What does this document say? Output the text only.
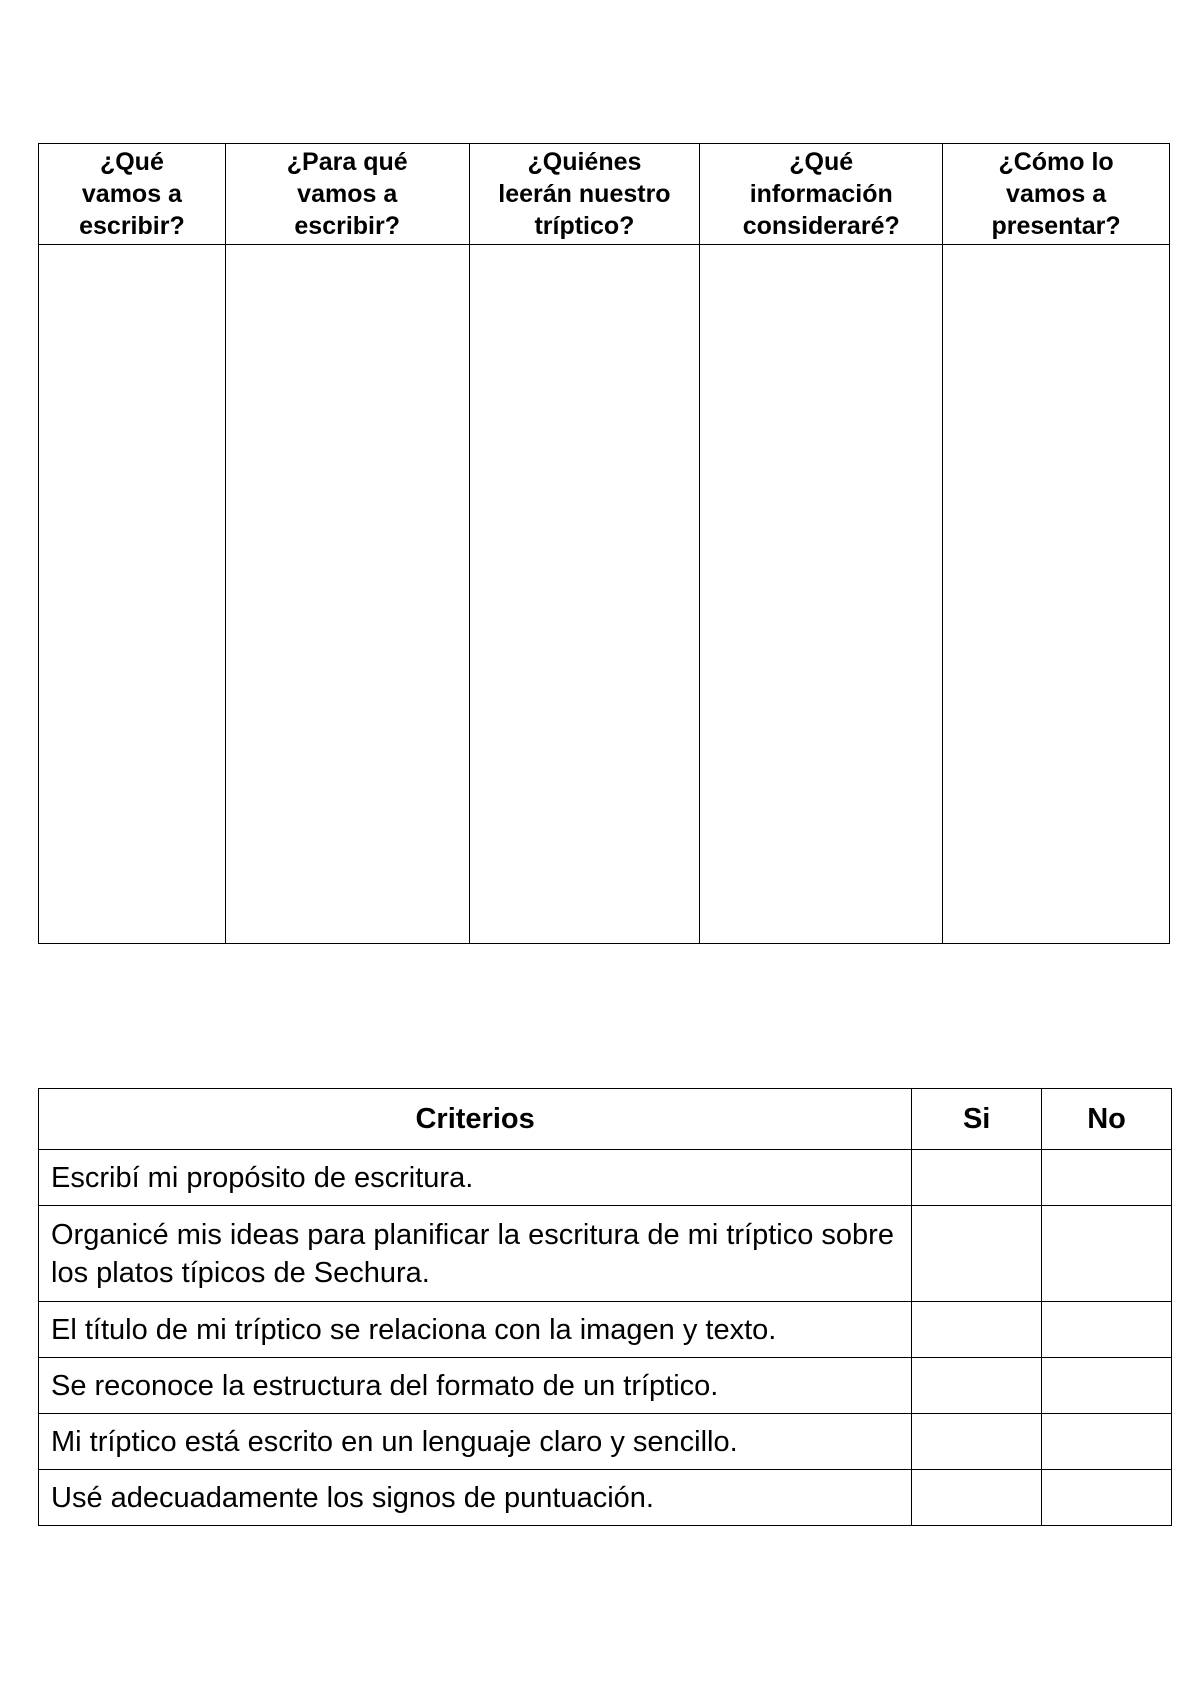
¿Qué
vamos a
escribir?	¿Para qué
vamos a
escribir?	¿Quiénes
leerán nuestro
tríptico?	¿Qué
información
consideraré?	¿Cómo lo
vamos a
presentar?

Criterios	Si	No
Escribí mi propósito de escritura.		
Organicé mis ideas para planificar la escritura de mi tríptico sobre los platos típicos de Sechura.		
El título de mi tríptico se relaciona con la imagen y texto.		
Se reconoce la estructura del formato de un tríptico.		
Mi tríptico está escrito en un lenguaje claro y sencillo.		
Usé adecuadamente los signos de puntuación.		
